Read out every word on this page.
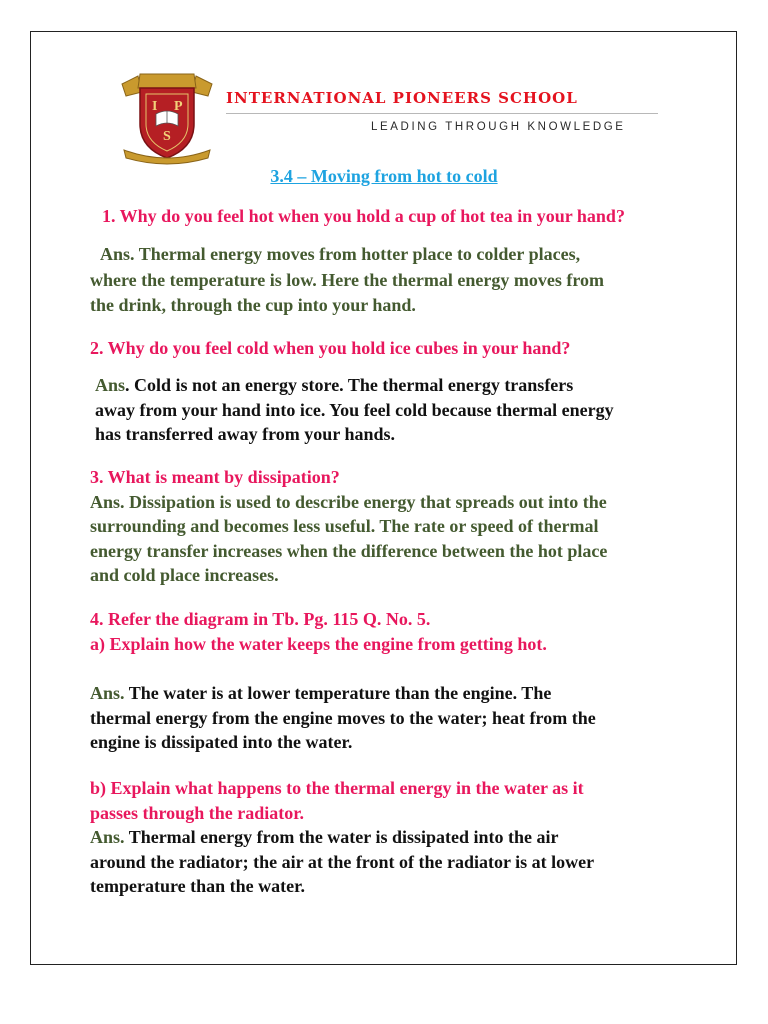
I P
S
INTERNATIONAL PIONEERS SCHOOL
LEADING THROUGH KNOWLEDGE
3.4 – Moving from hot to cold
1. Why do you feel hot when you hold a cup of hot tea in your hand?
Ans. Thermal energy moves from hotter place to colder places,
where the temperature is low. Here the thermal energy moves from
the drink, through the cup into your hand.
2. Why do you feel cold when you hold ice cubes in your hand?
Ans. Cold is not an energy store. The thermal energy transfers
away from your hand into ice. You feel cold because thermal energy
has transferred away from your hands.
3. What is meant by dissipation?
Ans. Dissipation is used to describe energy that spreads out into the
surrounding and becomes less useful. The rate or speed of thermal
energy transfer increases when the difference between the hot place
and cold place increases.
4. Refer the diagram in Tb. Pg. 115 Q. No. 5.
a) Explain how the water keeps the engine from getting hot.
Ans. The water is at lower temperature than the engine. The
thermal energy from the engine moves to the water; heat from the
engine is dissipated into the water.
b) Explain what happens to the thermal energy in the water as it
passes through the radiator.
Ans. Thermal energy from the water is dissipated into the air
around the radiator; the air at the front of the radiator is at lower
temperature than the water.
